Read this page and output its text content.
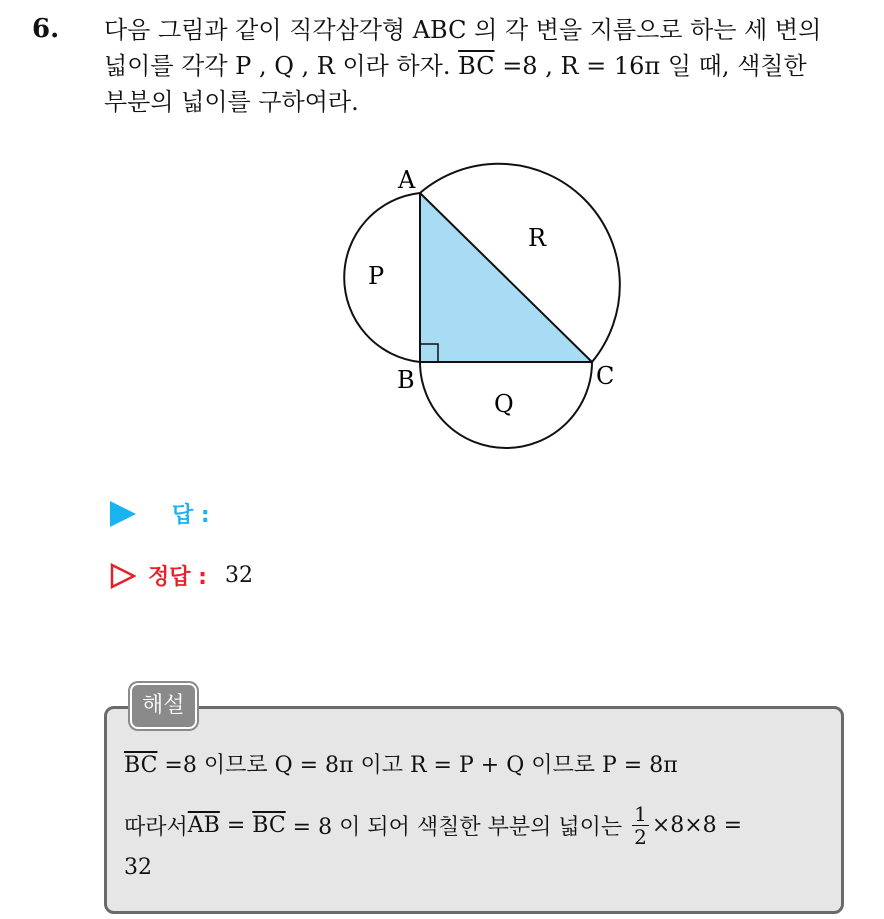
6. 다음 그림과 같이 직각삼각형 ABC 의 각 변을 지름으로 하는 세 변의
넓이를 각각 P , Q , R 이라 하자. $\overline{BC} =8$ , R = 16π 일 때, 색칠한
부분의 넓이를 구하여라.
A
B	C
P
Q
R
답 :
정답 : 32
해설
$\overline{BC} =8$ 이므로 Q = 8π 이고 R = P + Q 이므로 P = 8π
따라서 $\overline{AB} = \overline{BC} = 8$ 이 되어 색칠한 부분의 넓이는 $\frac{1}{2} \times 8\times 8$ =
32
